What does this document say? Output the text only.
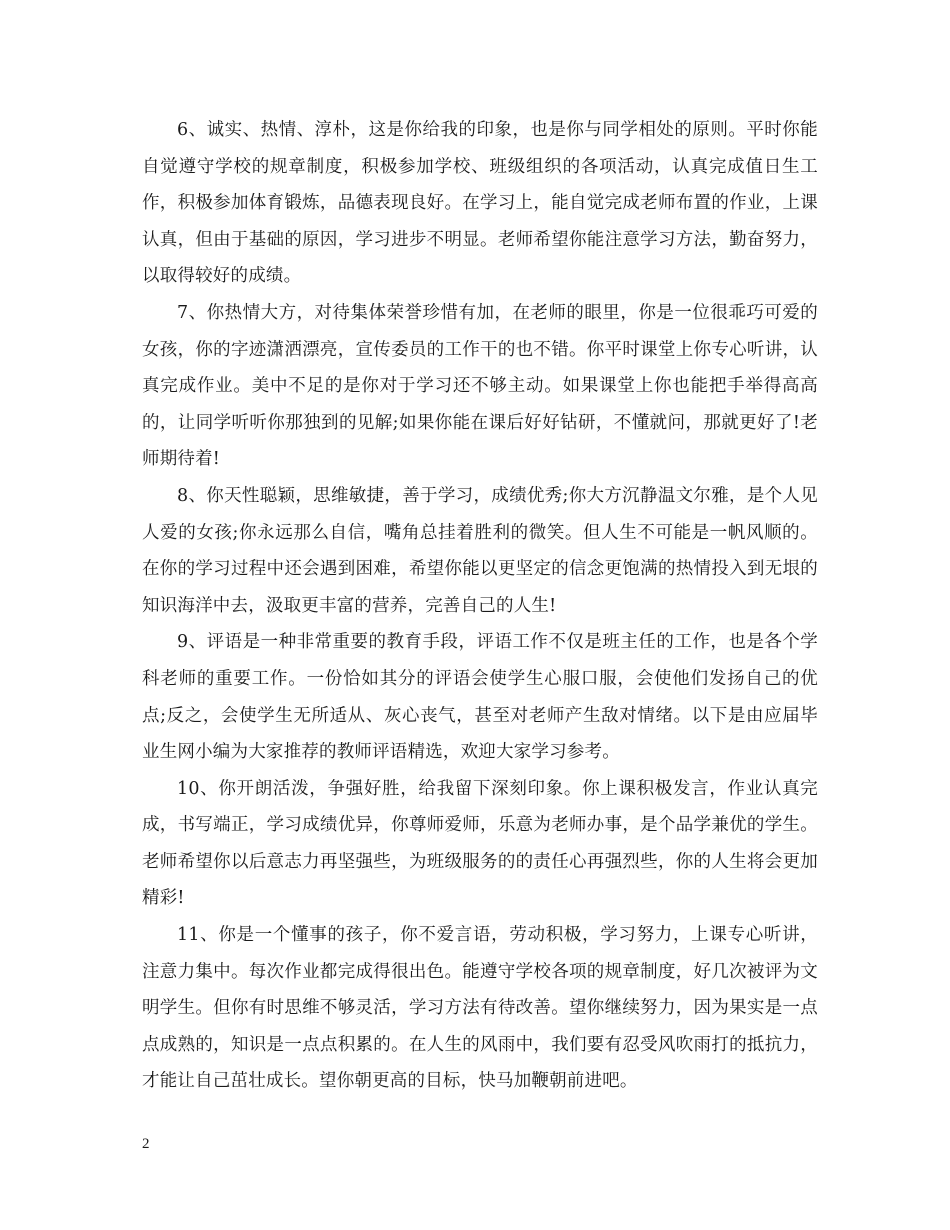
6、诚实、热情、淳朴，这是你给我的印象，也是你与同学相处的原则。平时你能自觉遵守学校的规章制度，积极参加学校、班级组织的各项活动，认真完成值日生工作，积极参加体育锻炼，品德表现良好。在学习上，能自觉完成老师布置的作业，上课认真，但由于基础的原因，学习进步不明显。老师希望你能注意学习方法，勤奋努力，以取得较好的成绩。

7、你热情大方，对待集体荣誉珍惜有加，在老师的眼里，你是一位很乖巧可爱的女孩，你的字迹潇洒漂亮，宣传委员的工作干的也不错。你平时课堂上你专心听讲，认真完成作业。美中不足的是你对于学习还不够主动。如果课堂上你也能把手举得高高的，让同学听听你那独到的见解;如果你能在课后好好钻研，不懂就问，那就更好了!老师期待着!

8、你天性聪颖，思维敏捷，善于学习，成绩优秀;你大方沉静温文尔雅，是个人见人爱的女孩;你永远那么自信，嘴角总挂着胜利的微笑。但人生不可能是一帆风顺的。在你的学习过程中还会遇到困难，希望你能以更坚定的信念更饱满的热情投入到无垠的知识海洋中去，汲取更丰富的营养，完善自己的人生!

9、评语是一种非常重要的教育手段，评语工作不仅是班主任的工作，也是各个学科老师的重要工作。一份恰如其分的评语会使学生心服口服，会使他们发扬自己的优点;反之，会使学生无所适从、灰心丧气，甚至对老师产生敌对情绪。以下是由应届毕业生网小编为大家推荐的教师评语精选，欢迎大家学习参考。

10、你开朗活泼，争强好胜，给我留下深刻印象。你上课积极发言，作业认真完成，书写端正，学习成绩优异，你尊师爱师，乐意为老师办事，是个品学兼优的学生。老师希望你以后意志力再坚强些，为班级服务的的责任心再强烈些，你的人生将会更加精彩!

11、你是一个懂事的孩子，你不爱言语，劳动积极，学习努力，上课专心听讲，注意力集中。每次作业都完成得很出色。能遵守学校各项的规章制度，好几次被评为文明学生。但你有时思维不够灵活，学习方法有待改善。望你继续努力，因为果实是一点点成熟的，知识是一点点积累的。在人生的风雨中，我们要有忍受风吹雨打的抵抗力，才能让自己茁壮成长。望你朝更高的目标，快马加鞭朝前进吧。

2
